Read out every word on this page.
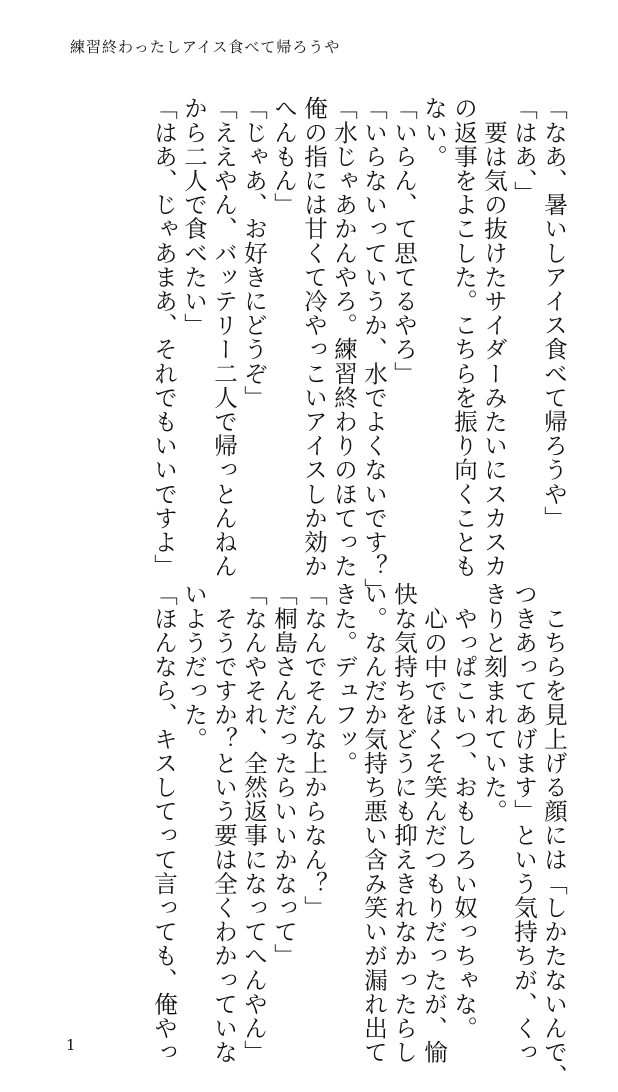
練習終わったしアイス食べて帰ろうや
「なあ、暑いしアイス食べて帰ろうや」
「はあ、」
　要は気の抜けたサイダーみたいにスカスカ
の返事をよこした。こちらを振り向くことも
ない。
「いらん、て思てるやろ」
「いらないっていうか、水でよくないです？」
「水じゃあかんやろ。練習終わりのほてった
俺の指には甘くて冷やっこいアイスしか効か
へんもん」
「じゃあ、お好きにどうぞ」
「ええやん、バッテリー二人で帰っとんねん
から二人で食べたい」
「はあ、じゃあまあ、それでもいいですよ」
　こちらを見上げる顔には「しかたないんで、
つきあってあげます」という気持ちが、くっ
きりと刻まれていた。
　やっぱこいつ、おもしろい奴っちゃな。
　心の中でほくそ笑んだつもりだったが、愉
快な気持ちをどうにも抑えきれなかったらし
い。なんだか気持ち悪い含み笑いが漏れ出て
きた。デュフッ。
「なんでそんな上からなん？」
「桐島さんだったらいいかなって」
「なんやそれ、全然返事になってへんやん」
　そうですか？という要は全くわかっていな
いようだった。
「ほんなら、キスしてって言っても、俺やっ
1
